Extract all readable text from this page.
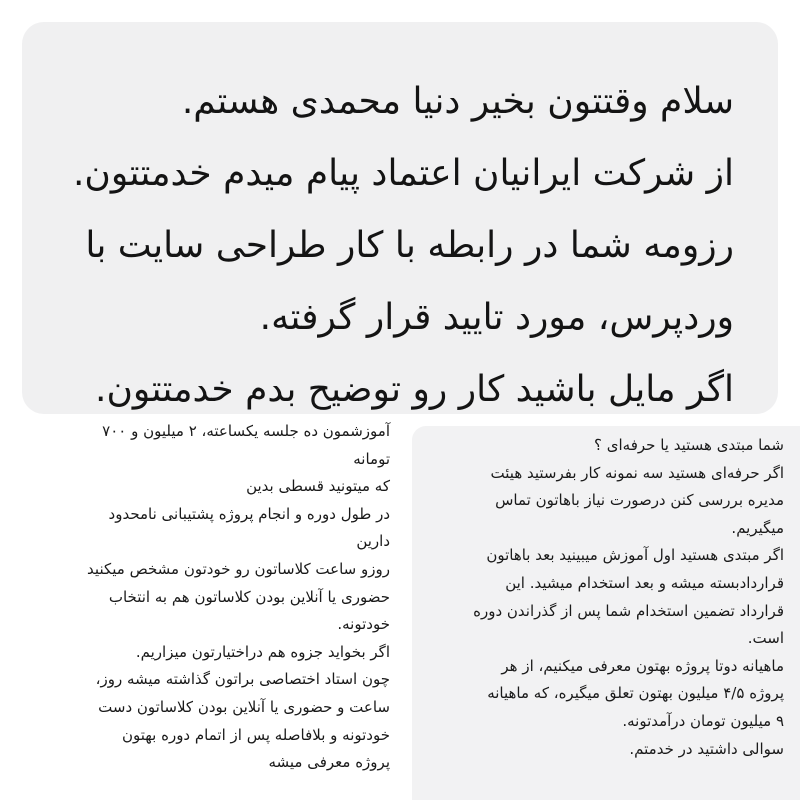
سلام وقتتون بخیر دنیا محمدی هستم.
از شرکت ایرانیان اعتماد پیام میدم خدمتتون.
رزومه شما در رابطه با کار طراحی سایت با
وردپرس، مورد تایید قرار گرفته.
اگر مایل باشید کار رو توضیح بدم خدمتتون.
آموزشمون ده جلسه یکساعته، ۲ میلیون و ۷۰۰
تومانه
که میتونید قسطی بدین
در طول دوره و انجام پروژه پشتیبانی نامحدود
دارین
روزو ساعت کلاساتون رو خودتون مشخص میکنید
حضوری یا آنلاین بودن کلاساتون هم به انتخاب
خودتونه.
اگر بخواید جزوه هم دراختیارتون میزاریم.
چون استاد اختصاصی براتون گذاشته میشه روز،
ساعت و حضوری یا آنلاین بودن کلاساتون دست
خودتونه و بلافاصله پس از اتمام دوره بهتون
پروژه معرفی میشه
شما مبتدی هستید یا حرفه‌ای ؟
اگر حرفه‌ای هستید سه نمونه کار بفرستید هیئت
مدیره بررسی کنن درصورت نیاز باهاتون تماس
میگیریم.
اگر مبتدی هستید اول آموزش میبینید بعد باهاتون
قراردادبسته میشه و بعد استخدام میشید. این
قرارداد تضمین استخدام شما پس از گذراندن دوره
است.
ماهیانه دوتا پروژه بهتون معرفی میکنیم، از هر
پروژه ۴/۵ میلیون بهتون تعلق میگیره، که ماهیانه
۹ میلیون تومان درآمدتونه.
سوالی داشتید در خدمتم.
